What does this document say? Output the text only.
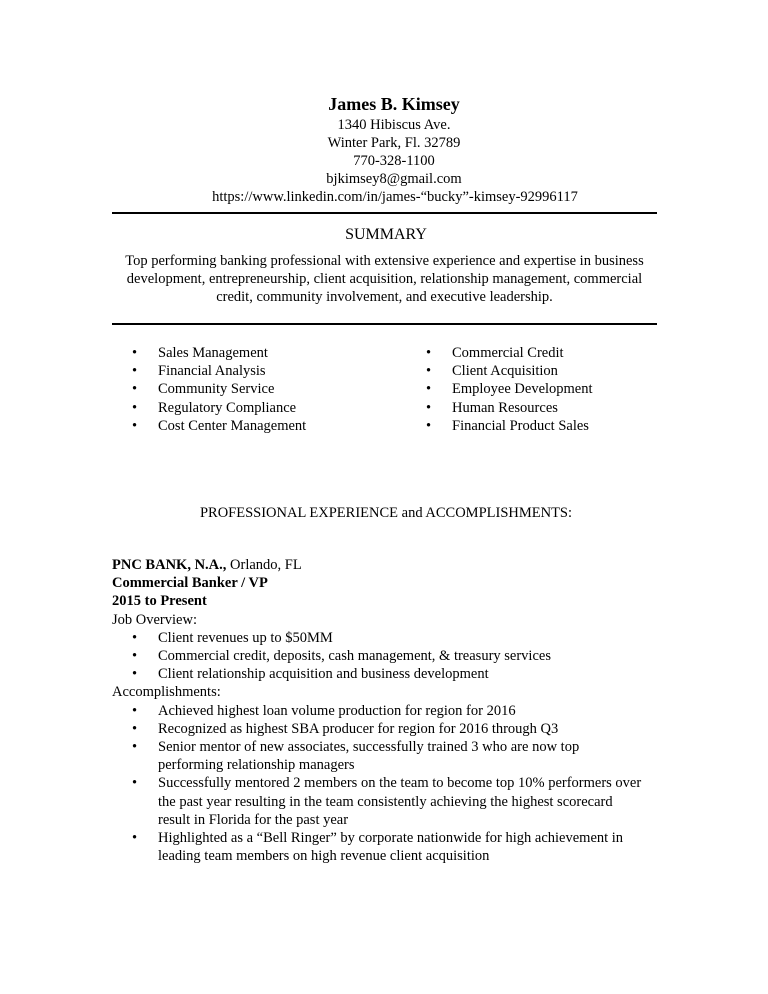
James B. Kimsey
1340 Hibiscus Ave.
Winter Park, Fl. 32789
770-328-1100
bjkimsey8@gmail.com
https://www.linkedin.com/in/james-“bucky”-kimsey-92996117
SUMMARY
Top performing banking professional with extensive experience and expertise in business development, entrepreneurship, client acquisition, relationship management, commercial credit, community involvement, and executive leadership.
• Sales Management
• Financial Analysis
• Community Service
• Regulatory Compliance
• Cost Center Management
• Commercial Credit
• Client Acquisition
• Employee Development
• Human Resources
• Financial Product Sales
PROFESSIONAL EXPERIENCE and ACCOMPLISHMENTS:
PNC BANK, N.A., Orlando, FL
Commercial Banker / VP
2015 to Present
Job Overview:
• Client revenues up to $50MM
• Commercial credit, deposits, cash management, & treasury services
• Client relationship acquisition and business development
Accomplishments:
• Achieved highest loan volume production for region for 2016
• Recognized as highest SBA producer for region for 2016 through Q3
• Senior mentor of new associates, successfully trained 3 who are now top performing relationship managers
• Successfully mentored 2 members on the team to become top 10% performers over the past year resulting in the team consistently achieving the highest scorecard result in Florida for the past year
• Highlighted as a “Bell Ringer” by corporate nationwide for high achievement in leading team members on high revenue client acquisition
